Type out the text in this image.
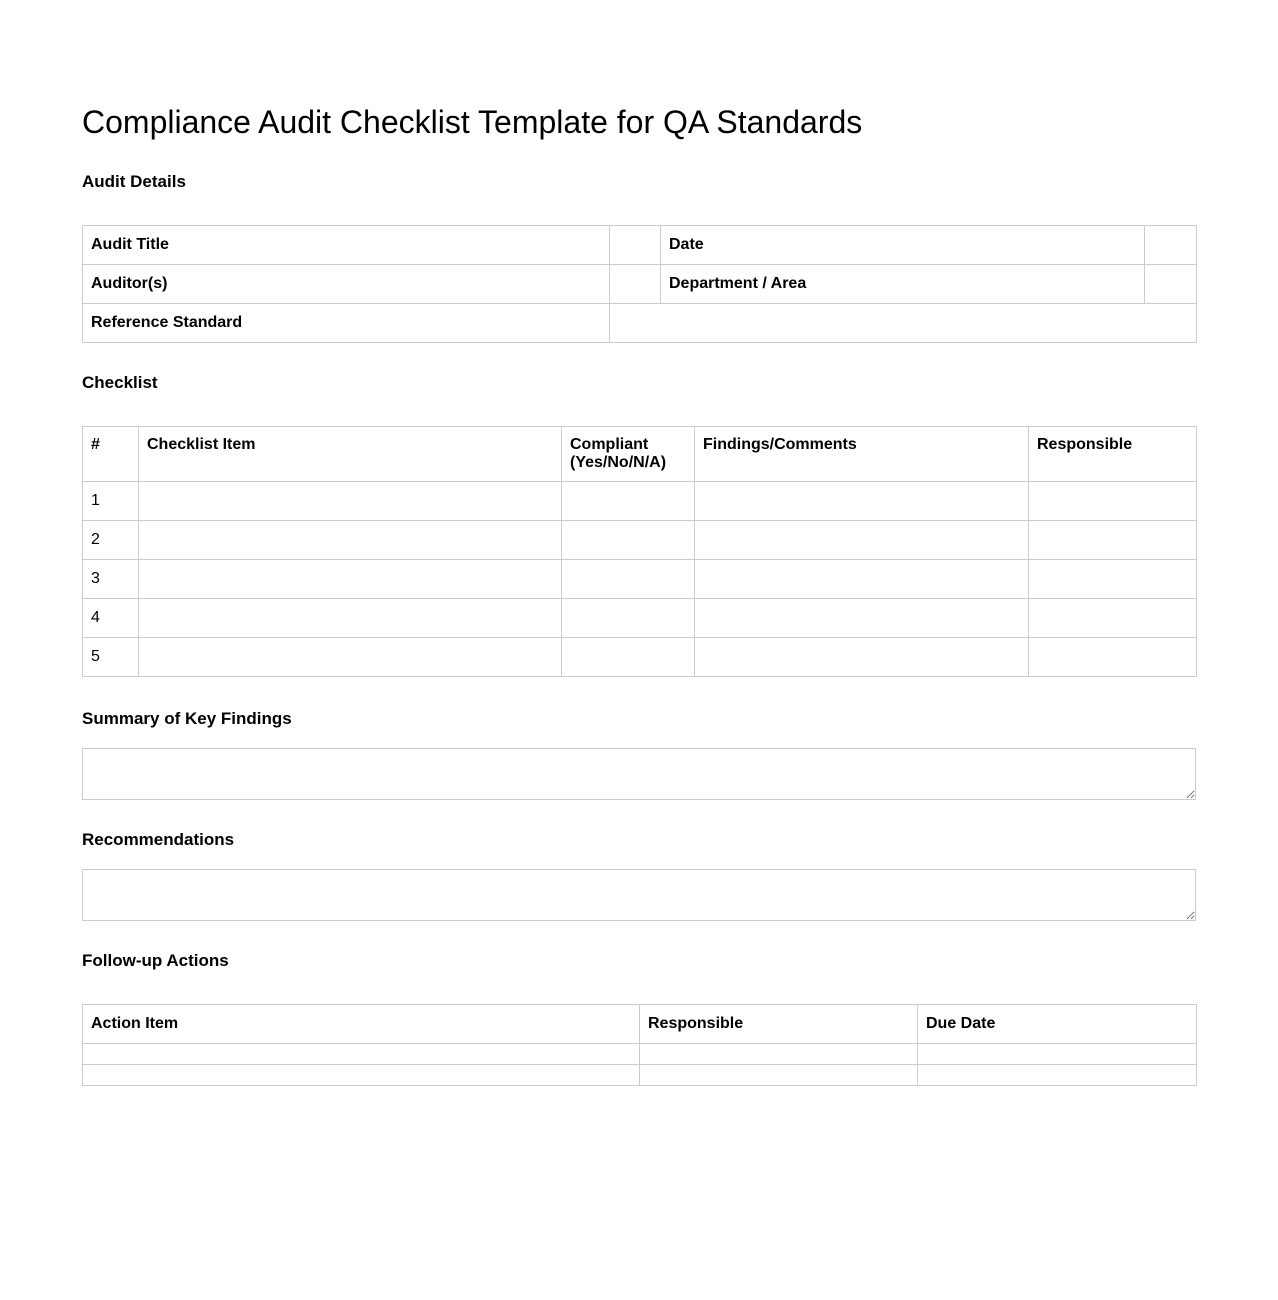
Compliance Audit Checklist Template for QA Standards
Audit Details
Audit Title		Date	
Auditor(s)		Department / Area	
Reference Standard			
Checklist
#	Checklist Item	Compliant (Yes/No/N/A)	Findings/Comments	Responsible
1				
2				
3				
4				
5				
Summary of Key Findings
Recommendations
Follow-up Actions
Action Item	Responsible	Due Date
